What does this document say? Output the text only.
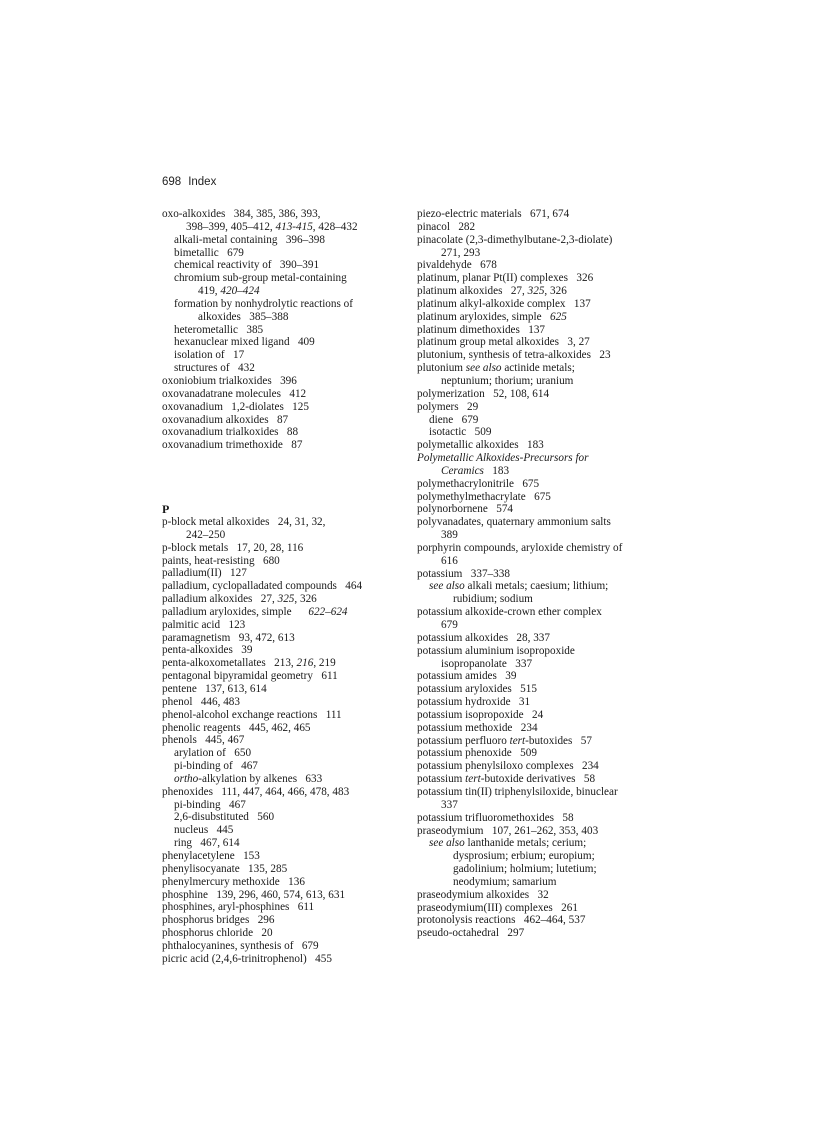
698 Index
oxo-alkoxides   384, 385, 386, 393,
398–399, 405–412, 413-415, 428–432
alkali-metal containing   396–398
bimetallic   679
chemical reactivity of   390–391
chromium sub-group metal-containing
419, 420–424
formation by nonhydrolytic reactions of
alkoxides   385–388
heterometallic   385
hexanuclear mixed ligand   409
isolation of   17
structures of   432
oxoniobium trialkoxides   396
oxovanadatrane molecules   412
oxovanadium   1,2-diolates   125
oxovanadium alkoxides   87
oxovanadium trialkoxides   88
oxovanadium trimethoxide   87
P
p-block metal alkoxides   24, 31, 32,
242–250
p-block metals   17, 20, 28, 116
paints, heat-resisting   680
palladium(II)   127
palladium, cyclopalladated compounds   464
palladium alkoxides   27, 325, 326
palladium aryloxides, simple      622–624
palmitic acid   123
paramagnetism   93, 472, 613
penta-alkoxides   39
penta-alkoxometallates   213, 216, 219
pentagonal bipyramidal geometry   611
pentene   137, 613, 614
phenol   446, 483
phenol-alcohol exchange reactions   111
phenolic reagents   445, 462, 465
phenols   445, 467
arylation of   650
pi-binding of   467
ortho-alkylation by alkenes   633
phenoxides   111, 447, 464, 466, 478, 483
pi-binding   467
2,6-disubstituted   560
nucleus   445
ring   467, 614
phenylacetylene   153
phenylisocyanate   135, 285
phenylmercury methoxide   136
phosphine   139, 296, 460, 574, 613, 631
phosphines, aryl-phosphines   611
phosphorus bridges   296
phosphorus chloride   20
phthalocyanines, synthesis of   679
picric acid (2,4,6-trinitrophenol)   455
piezo-electric materials   671, 674
pinacol   282
pinacolate (2,3-dimethylbutane-2,3-diolate)
271, 293
pivaldehyde   678
platinum, planar Pt(II) complexes   326
platinum alkoxides   27, 325, 326
platinum alkyl-alkoxide complex   137
platinum aryloxides, simple   625
platinum dimethoxides   137
platinum group metal alkoxides   3, 27
plutonium, synthesis of tetra-alkoxides   23
plutonium see also actinide metals;
neptunium; thorium; uranium
polymerization   52, 108, 614
polymers   29
diene   679
isotactic   509
polymetallic alkoxides   183
Polymetallic Alkoxides-Precursors for
Ceramics   183
polymethacrylonitrile   675
polymethylmethacrylate   675
polynorbornene   574
polyvanadates, quaternary ammonium salts
389
porphyrin compounds, aryloxide chemistry of
616
potassium   337–338
see also alkali metals; caesium; lithium;
rubidium; sodium
potassium alkoxide-crown ether complex
679
potassium alkoxides   28, 337
potassium aluminium isopropoxide
isopropanolate   337
potassium amides   39
potassium aryloxides   515
potassium hydroxide   31
potassium isopropoxide   24
potassium methoxide   234
potassium perfluoro tert-butoxides   57
potassium phenoxide   509
potassium phenylsiloxo complexes   234
potassium tert-butoxide derivatives   58
potassium tin(II) triphenylsiloxide, binuclear
337
potassium trifluoromethoxides   58
praseodymium   107, 261–262, 353, 403
see also lanthanide metals; cerium;
dysprosium; erbium; europium;
gadolinium; holmium; lutetium;
neodymium; samarium
praseodymium alkoxides   32
praseodymium(III) complexes   261
protonolysis reactions   462–464, 537
pseudo-octahedral   297
